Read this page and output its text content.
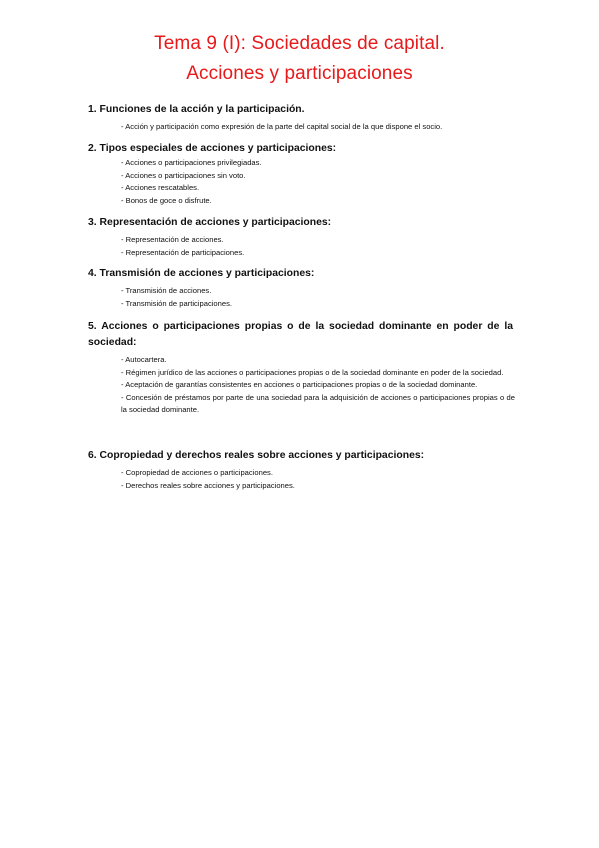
Tema 9 (I): Sociedades de capital.
Acciones y participaciones
1. Funciones de la acción y la participación.
- Acción y participación como expresión de la parte del capital social de la que dispone el socio.
2. Tipos especiales de acciones y participaciones:
- Acciones o participaciones privilegiadas.
- Acciones o participaciones sin voto.
- Acciones rescatables.
- Bonos de goce o disfrute.
3. Representación de acciones y participaciones:
- Representación de acciones.
- Representación de participaciones.
4. Transmisión de acciones y participaciones:
- Transmisión de acciones.
- Transmisión de participaciones.
5. Acciones o participaciones propias o de la sociedad dominante en poder de la sociedad:
- Autocartera.
- Régimen jurídico de las acciones o participaciones propias o de la sociedad dominante en poder de la sociedad.
- Aceptación de garantías consistentes en acciones o participaciones propias o de la sociedad dominante.
- Concesión de préstamos por parte de una sociedad para la adquisición de acciones o participaciones propias o de la sociedad dominante.
6. Copropiedad y derechos reales sobre acciones y participaciones:
- Copropiedad de acciones o participaciones.
- Derechos reales sobre acciones y participaciones.
